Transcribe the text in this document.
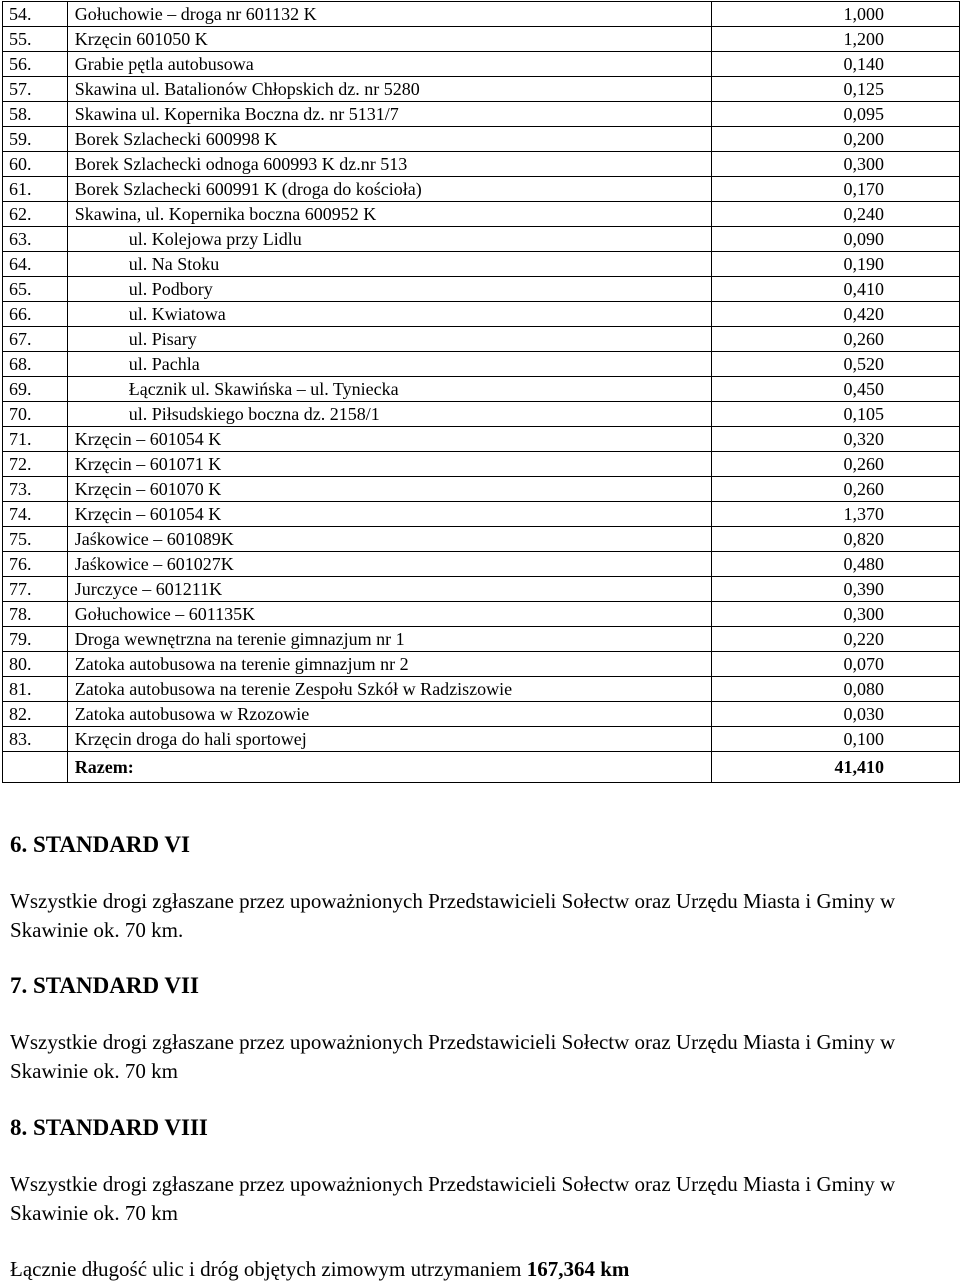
54.	Gołuchowie – droga nr 601132 K	1,000
55.	Krzęcin 601050 K	1,200
56.	Grabie pętla autobusowa	0,140
57.	Skawina ul. Batalionów Chłopskich dz. nr 5280	0,125
58.	Skawina ul. Kopernika Boczna dz. nr 5131/7	0,095
59.	Borek Szlachecki 600998 K	0,200
60.	Borek Szlachecki odnoga 600993 K dz.nr 513	0,300
61.	Borek Szlachecki 600991 K (droga do kościoła)	0,170
62.	Skawina, ul. Kopernika boczna 600952 K	0,240
63.	ul. Kolejowa przy Lidlu	0,090
64.	ul. Na Stoku	0,190
65.	ul. Podbory	0,410
66.	ul. Kwiatowa	0,420
67.	ul. Pisary	0,260
68.	ul. Pachla	0,520
69.	Łącznik ul. Skawińska – ul. Tyniecka	0,450
70.	ul. Piłsudskiego boczna dz. 2158/1	0,105
71.	Krzęcin – 601054 K	0,320
72.	Krzęcin – 601071 K	0,260
73.	Krzęcin – 601070 K	0,260
74.	Krzęcin – 601054 K	1,370
75.	Jaśkowice – 601089K	0,820
76.	Jaśkowice – 601027K	0,480
77.	Jurczyce – 601211K	0,390
78.	Gołuchowice – 601135K	0,300
79.	Droga wewnętrzna na terenie gimnazjum nr 1	0,220
80.	Zatoka autobusowa na terenie gimnazjum nr 2	0,070
81.	Zatoka autobusowa na terenie Zespołu Szkół w Radziszowie	0,080
82.	Zatoka autobusowa w Rzozowie	0,030
83.	Krzęcin droga do hali sportowej	0,100
	Razem:	41,410
6. STANDARD VI

Wszystkie drogi zgłaszane przez upoważnionych Przedstawicieli Sołectw oraz Urzędu Miasta i Gminy w Skawinie ok. 70 km.

7. STANDARD VII

Wszystkie drogi zgłaszane przez upoważnionych Przedstawicieli Sołectw oraz Urzędu Miasta i Gminy w Skawinie ok. 70 km

8. STANDARD VIII

Wszystkie drogi zgłaszane przez upoważnionych Przedstawicieli Sołectw oraz Urzędu Miasta i Gminy w Skawinie ok. 70 km

Łącznie długość ulic i dróg objętych zimowym utrzymaniem 167,364 km
